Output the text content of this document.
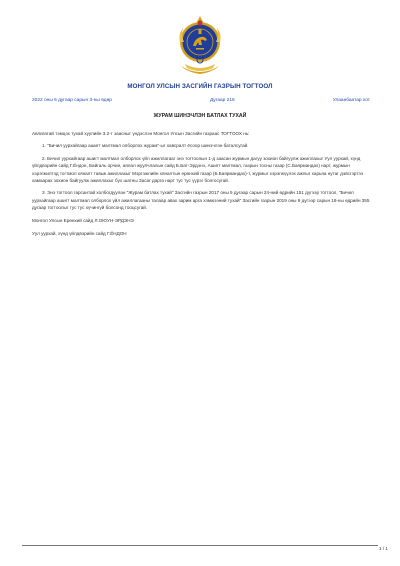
МОНГОЛ УЛСЫН ЗАСГИЙН ГАЗРЫН ТОГТООЛ
2022 оны 6 дугаар сарын 3-ны өдөр	Дугаар 216	Улаанбаатар хот
ЖУРАМ ШИНЭЧЛЭН БАТЛАХ ТУХАЙ

Авлигатай тэмцэх тухай хуулийн 3.2-т заасныг үндэслэн Монгол Улсын Засгийн газраас ТОГТООХ нь:

1. "Бичил уурхайгаар ашигт малтмал олборлох журам"-ыг хавсралт ёсоор шинэчлэн баталсугай.

2. Бичил уурхайгаар ашигт малтмал олборлох үйл ажиллагааг энэ тогтоолын 1-д заасан журмын дагуу зохион байгуулж ажиллахыг Уул уурхай, хүнд үйлдвэрийн сайд Г.Ёндон, Байгаль орчин, аялал жуулчлалын сайд Б.Бат-Эрдэнэ, Ашигт малтмал, газрын тосны газар (С.Баярмандах) нарт, журмын хэрэгжилтэд тогтмол хяналт тавьж ажиллахыг Мэргэжлийн хяналтын ерөнхий газар (Б.Баярмандах)-т, журмыг хэрэгжүүлэх ажлыг харьяа нутаг дэвсгэртээ хамаарах зохион байгуулж ажиллахыг бүх шатны Засаг дарга нарт тус тус үүрэг болгосугай.

3. Энэ тогтоол гарсантай холбогдуулан "Журам батлах тухай" Засгийн газрын 2017 оны 5 дугаар сарын 24-ний өдрийн 151 дүгээр тогтоол, "Бичил уурхайгаар ашигт малтмал олборлох үйл ажиллагааны талаар авах зарим арга хэмжээний тухай" Засгийн газрын 2019 оны 9 дүгээр сарын 18-ны өдрийн 355 дугаар тогтоолыг тус тус хүчингүй болсонд тооцсугай.

Монгол Улсын Ерөнхий сайд Л.ОЮУН-ЭРДЭНЭ

Уул уурхай, хүнд үйлдвэрийн сайд Г.ЁНДОН

1 / 1
